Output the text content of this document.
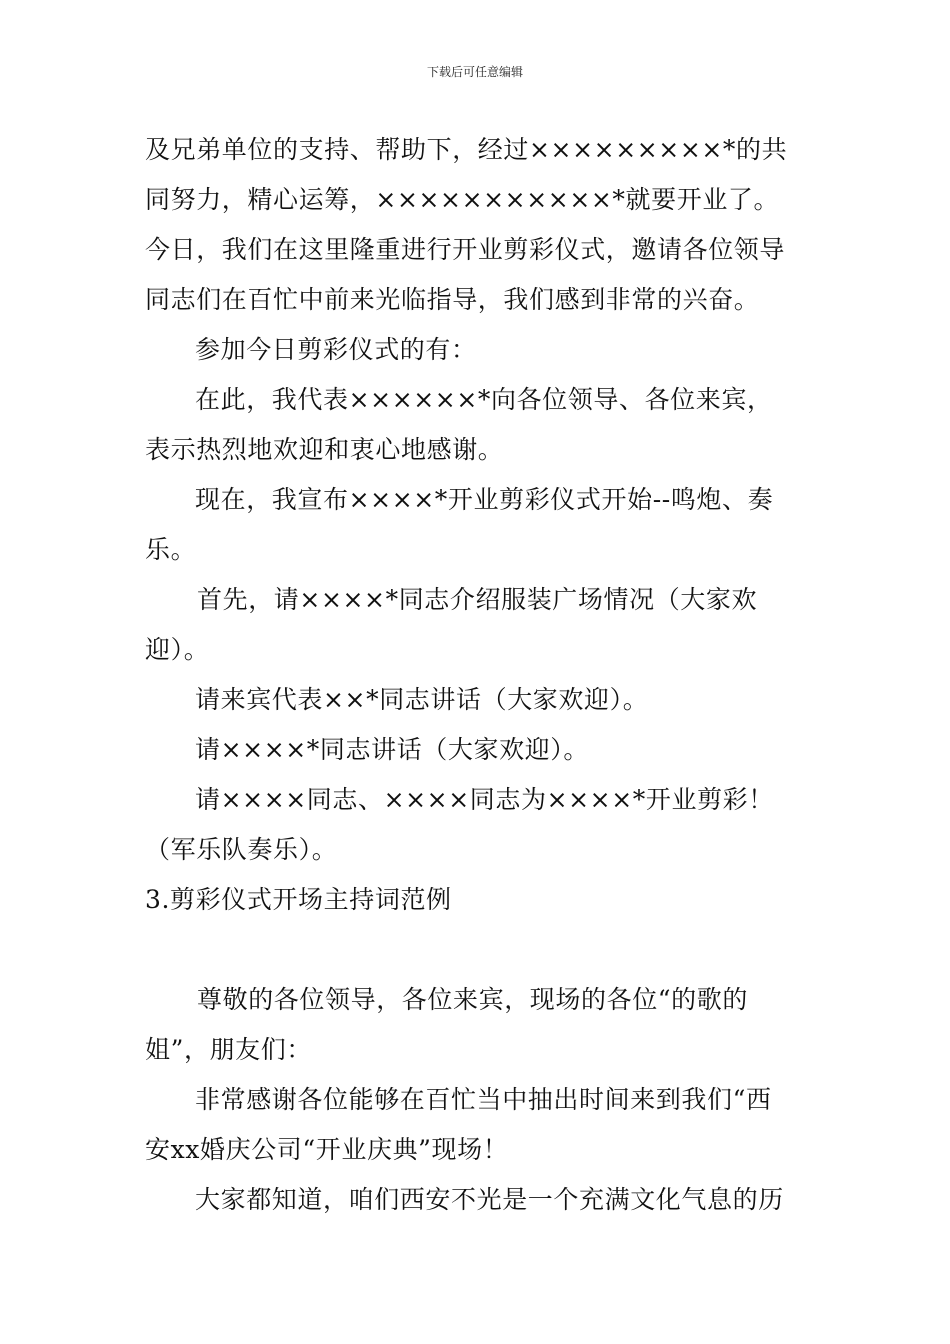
下载后可任意编辑
及兄弟单位的支持、帮助下，经过×××××××××*的共
同努力，精心运筹，×××××××××××*就要开业了。
今日，我们在这里隆重进行开业剪彩仪式，邀请各位领导
同志们在百忙中前来光临指导，我们感到非常的兴奋。
参加今日剪彩仪式的有：
在此，我代表××××××*向各位领导、各位来宾，
表示热烈地欢迎和衷心地感谢。
现在，我宣布××××*开业剪彩仪式开始--鸣炮、奏
乐。
首先，请××××*同志介绍服装广场情况（大家欢
迎）。
请来宾代表××*同志讲话（大家欢迎）。
请××××*同志讲话（大家欢迎）。
请××××同志、××××同志为××××*开业剪彩！
（军乐队奏乐）。
3.剪彩仪式开场主持词范例
尊敬的各位领导，各位来宾，现场的各位“的歌的
姐”，朋友们：
非常感谢各位能够在百忙当中抽出时间来到我们“西
安xx婚庆公司“开业庆典”现场！
大家都知道，咱们西安不光是一个充满文化气息的历
